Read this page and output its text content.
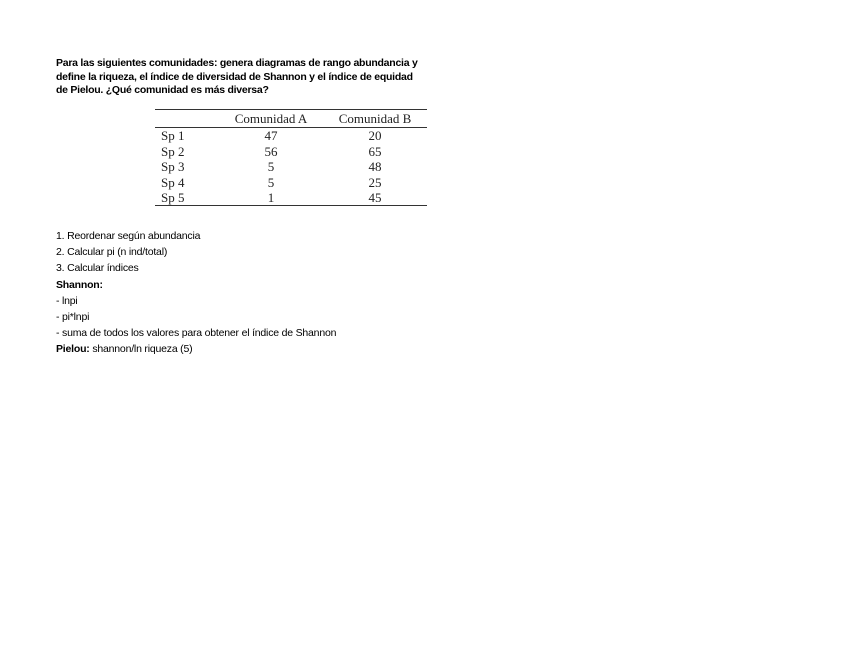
Para las siguientes comunidades: genera diagramas de rango abundancia y
define la riqueza, el índice de diversidad de Shannon y el índice de equidad
de Pielou. ¿Qué comunidad es más diversa?
	Comunidad A	Comunidad B
Sp 1	47	20
Sp 2	56	65
Sp 3	5	48
Sp 4	5	25
Sp 5	1	45
1. Reordenar según abundancia
2. Calcular pi (n ind/total)
3. Calcular índices
Shannon:
- lnpi
- pi*lnpi
- suma de todos los valores para obtener el índice de Shannon
Pielou: shannon/ln riqueza (5)
